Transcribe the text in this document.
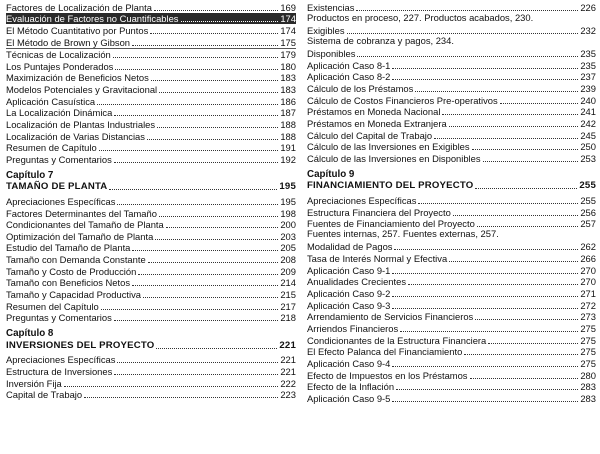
Factores de Localización de Planta	169
Evaluación de Factores no Cuantificables	174
El Método Cuantitativo por Puntos	174
El Método de Brown y Gibson	175
Técnicas de Localización	179
Los Puntajes Ponderados	180
Maximización de Beneficios Netos	183
Modelos Potenciales y Gravitacional	183
Aplicación Casuística	186
La Localización Dinámica	187
Localización de Plantas Industriales	188
Localización de Varias Distancias	188
Resumen de Capítulo	191
Preguntas y Comentarios	192
Capítulo 7
TAMAÑO DE PLANTA	195
Apreciaciones Específicas	195
Factores Determinantes del Tamaño	198
Condicionantes del Tamaño de Planta	200
Optimización del Tamaño de Planta	203
Estudio del Tamaño de Planta	205
Tamaño con Demanda Constante	208
Tamaño y Costo de Producción	209
Tamaño con Beneficios Netos	214
Tamaño y Capacidad Productiva	215
Resumen del Capítulo	217
Preguntas y Comentarios	218
Capítulo 8
INVERSIONES DEL PROYECTO	221
Apreciaciones Específicas	221
Estructura de Inversiones	221
Inversión Fija	222
Capital de Trabajo	223
Existencias	226
Productos en proceso, 227. Productos acabados, 230.
Exigibles	232
Sistema de cobranza y pagos, 234.
Disponibles	235
Aplicación Caso 8-1	235
Aplicación Caso 8-2	237
Cálculo de los Préstamos	239
Cálculo de Costos Financieros Pre-operativos	240
Préstamos en Moneda Nacional	241
Préstamos en Moneda Extranjera	242
Cálculo del Capital de Trabajo	245
Cálculo de las Inversiones en Exigibles	250
Cálculo de las Inversiones en Disponibles	253
Capítulo 9
FINANCIAMIENTO DEL PROYECTO	255
Apreciaciones Específicas	255
Estructura Financiera del Proyecto	256
Fuentes de Financiamiento del Proyecto	257
Fuentes internas, 257. Fuentes externas, 257.
Modalidad de Pagos	262
Tasa de Interés Normal y Efectiva	266
Aplicación Caso 9-1	270
Anualidades Crecientes	270
Aplicación Caso 9-2	271
Aplicación Caso 9-3	272
Arrendamiento de Servicios Financieros	273
Arriendos Financieros	275
Condicionantes de la Estructura Financiera	275
El Efecto Palanca del Financiamiento	275
Aplicación Caso 9-4	275
Efecto de Impuestos en los Préstamos	280
Efecto de la Inflación	283
Aplicación Caso 9-5	283
